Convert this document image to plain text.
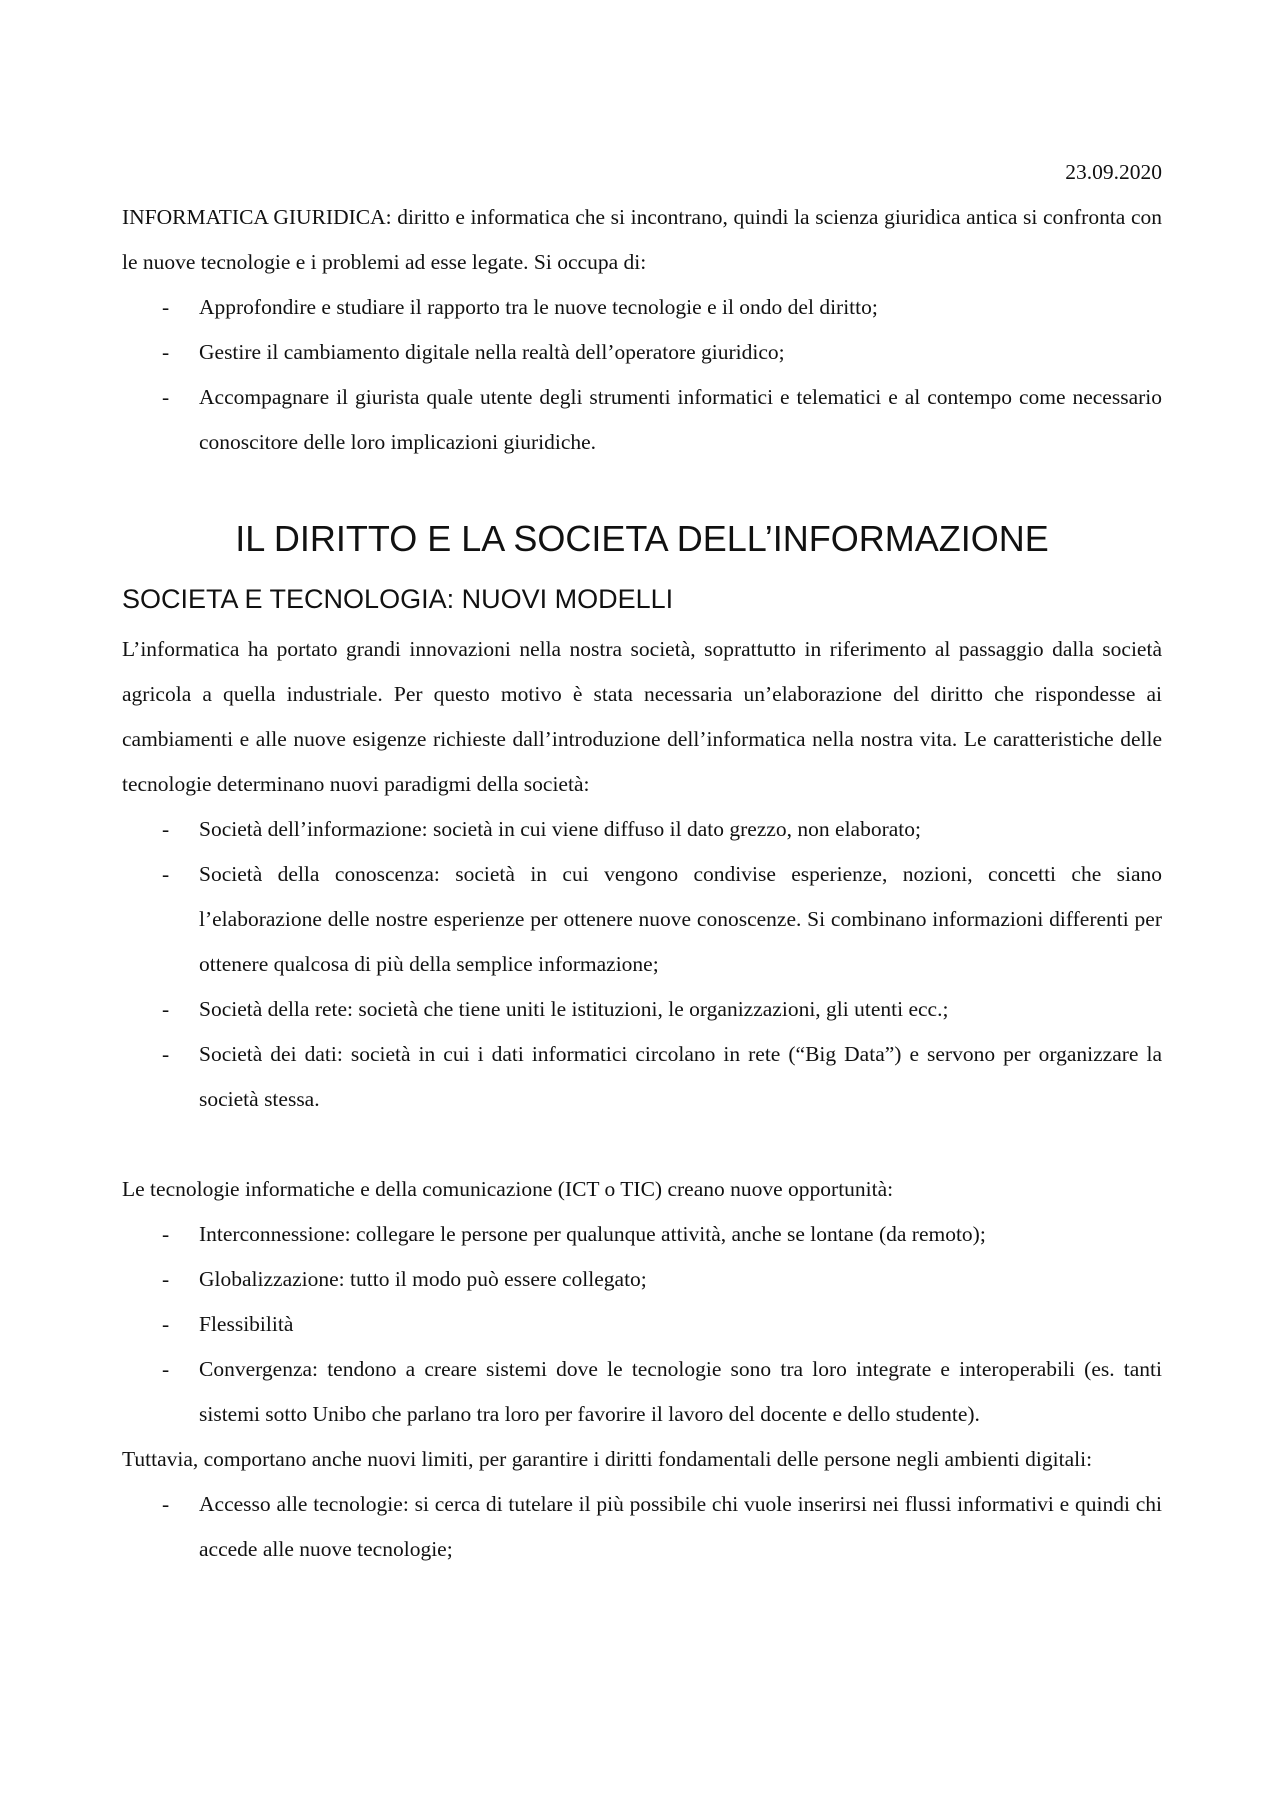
23.09.2020

INFORMATICA GIURIDICA: diritto e informatica che si incontrano, quindi la scienza giuridica antica si confronta con le nuove tecnologie e i problemi ad esse legate. Si occupa di:

- Approfondire e studiare il rapporto tra le nuove tecnologie e il ondo del diritto;
- Gestire il cambiamento digitale nella realtà dell’operatore giuridico;
- Accompagnare il giurista quale utente degli strumenti informatici e telematici e al contempo come necessario conoscitore delle loro implicazioni giuridiche.
IL DIRITTO E LA SOCIETA DELL’INFORMAZIONE
SOCIETA E TECNOLOGIA: NUOVI MODELLI

L’informatica ha portato grandi innovazioni nella nostra società, soprattutto in riferimento al passaggio dalla società agricola a quella industriale. Per questo motivo è stata necessaria un’elaborazione del diritto che rispondesse ai cambiamenti e alle nuove esigenze richieste dall’introduzione dell’informatica nella nostra vita. Le caratteristiche delle tecnologie determinano nuovi paradigmi della società:

- Società dell’informazione: società in cui viene diffuso il dato grezzo, non elaborato;
- Società della conoscenza: società in cui vengono condivise esperienze, nozioni, concetti che siano l’elaborazione delle nostre esperienze per ottenere nuove conoscenze. Si combinano informazioni differenti per ottenere qualcosa di più della semplice informazione;
- Società della rete: società che tiene uniti le istituzioni, le organizzazioni, gli utenti ecc.;
- Società dei dati: società in cui i dati informatici circolano in rete (“Big Data”) e servono per organizzare la società stessa.

Le tecnologie informatiche e della comunicazione (ICT o TIC) creano nuove opportunità:

- Interconnessione: collegare le persone per qualunque attività, anche se lontane (da remoto);
- Globalizzazione: tutto il modo può essere collegato;
- Flessibilità
- Convergenza: tendono a creare sistemi dove le tecnologie sono tra loro integrate e interoperabili (es. tanti sistemi sotto Unibo che parlano tra loro per favorire il lavoro del docente e dello studente).

Tuttavia, comportano anche nuovi limiti, per garantire i diritti fondamentali delle persone negli ambienti digitali:

- Accesso alle tecnologie: si cerca di tutelare il più possibile chi vuole inserirsi nei flussi informativi e quindi chi accede alle nuove tecnologie;
